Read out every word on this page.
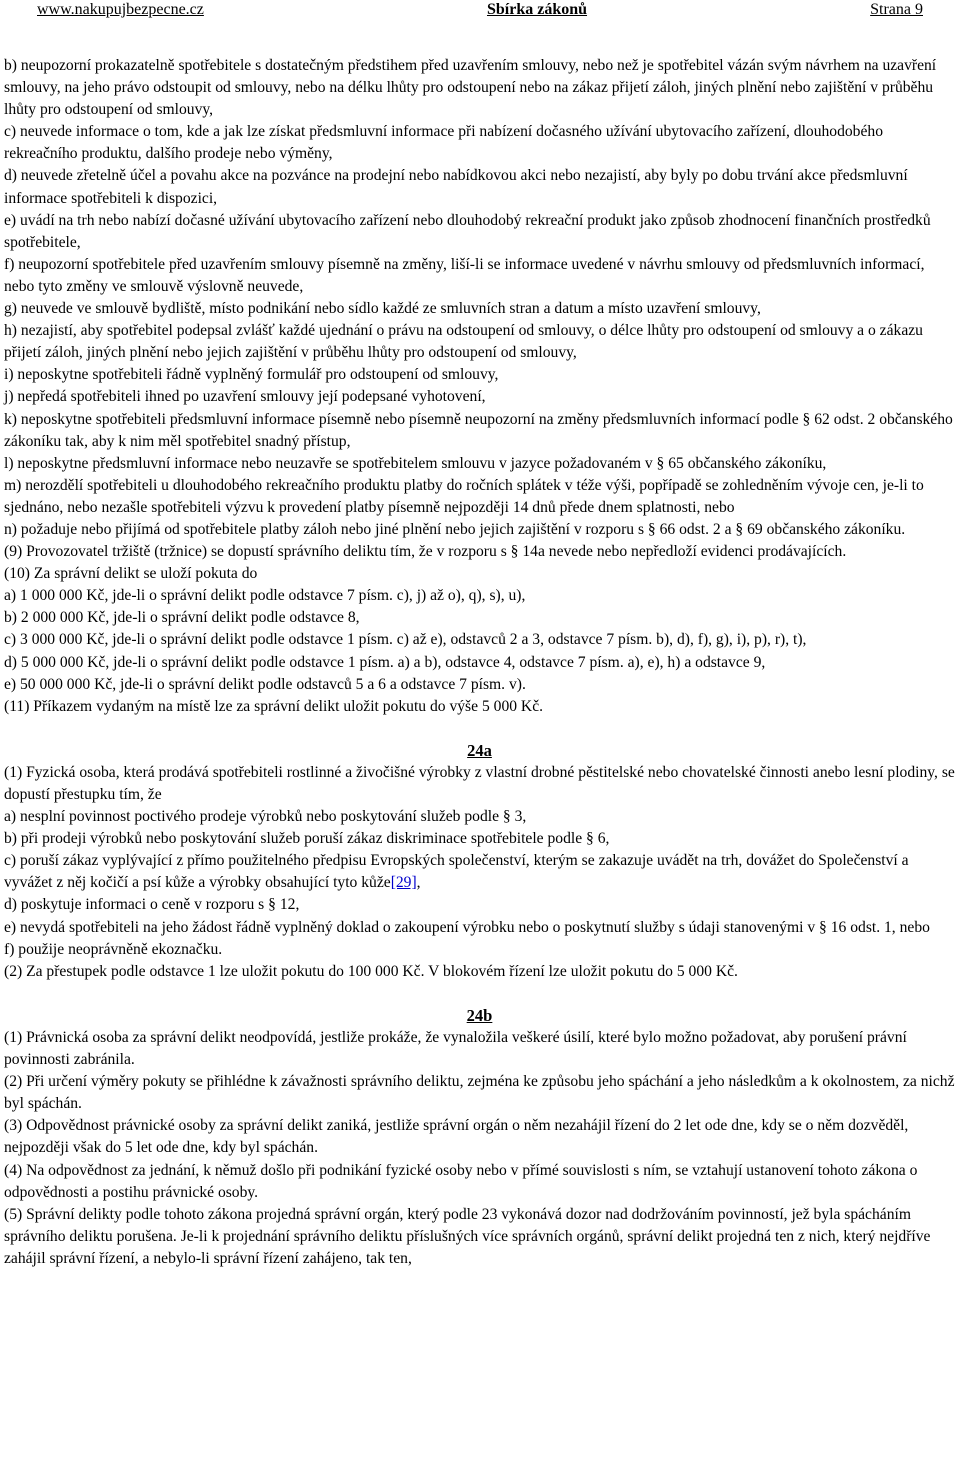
www.nakupujbezpecne.cz	Sbírka zákonů	Strana 9

b) neupozorní prokazatelně spotřebitele s dostatečným předstihem před uzavřením smlouvy, nebo než je spotřebitel vázán svým návrhem na uzavření smlouvy, na jeho právo odstoupit od smlouvy, nebo na délku lhůty pro odstoupení nebo na zákaz přijetí záloh, jiných plnění nebo zajištění v průběhu lhůty pro odstoupení od smlouvy,

c) neuvede informace o tom, kde a jak lze získat předsmluvní informace při nabízení dočasného užívání ubytovacího zařízení, dlouhodobého rekreačního produktu, dalšího prodeje nebo výměny,

d) neuvede zřetelně účel a povahu akce na pozvánce na prodejní nebo nabídkovou akci nebo nezajistí, aby byly po dobu trvání akce předsmluvní informace spotřebiteli k dispozici,

e) uvádí na trh nebo nabízí dočasné užívání ubytovacího zařízení nebo dlouhodobý rekreační produkt jako způsob zhodnocení finančních prostředků spotřebitele,

f) neupozorní spotřebitele před uzavřením smlouvy písemně na změny, liší-li se informace uvedené v návrhu smlouvy od předsmluvních informací, nebo tyto změny ve smlouvě výslovně neuvede,

g) neuvede ve smlouvě bydliště, místo podnikání nebo sídlo každé ze smluvních stran a datum a místo uzavření smlouvy,

h) nezajistí, aby spotřebitel podepsal zvlášť každé ujednání o právu na odstoupení od smlouvy, o délce lhůty pro odstoupení od smlouvy a o zákazu přijetí záloh, jiných plnění nebo jejich zajištění v průběhu lhůty pro odstoupení od smlouvy,

i) neposkytne spotřebiteli řádně vyplněný formulář pro odstoupení od smlouvy,

j) nepředá spotřebiteli ihned po uzavření smlouvy její podepsané vyhotovení,

k) neposkytne spotřebiteli předsmluvní informace písemně nebo písemně neupozorní na změny předsmluvních informací podle § 62 odst. 2 občanského zákoníku tak, aby k nim měl spotřebitel snadný přístup,

l) neposkytne předsmluvní informace nebo neuzavře se spotřebitelem smlouvu v jazyce požadovaném v § 65 občanského zákoníku,

m) nerozdělí spotřebiteli u dlouhodobého rekreačního produktu platby do ročních splátek v téže výši, popřípadě se zohledněním vývoje cen, je-li to sjednáno, nebo nezašle spotřebiteli výzvu k provedení platby písemně nejpozději 14 dnů přede dnem splatnosti, nebo

n) požaduje nebo přijímá od spotřebitele platby záloh nebo jiné plnění nebo jejich zajištění v rozporu s § 66 odst. 2 a § 69 občanského zákoníku.

(9) Provozovatel tržiště (tržnice) se dopustí správního deliktu tím, že v rozporu s § 14a nevede nebo nepředloží evidenci prodávajících.

(10) Za správní delikt se uloží pokuta do

a) 1 000 000 Kč, jde-li o správní delikt podle odstavce 7 písm. c), j) až o), q), s), u),

b) 2 000 000 Kč, jde-li o správní delikt podle odstavce 8,

c) 3 000 000 Kč, jde-li o správní delikt podle odstavce 1 písm. c) až e), odstavců 2 a 3, odstavce 7 písm. b), d), f), g), i), p), r), t),

d) 5 000 000 Kč, jde-li o správní delikt podle odstavce 1 písm. a) a b), odstavce 4, odstavce 7 písm. a), e), h) a odstavce 9,

e) 50 000 000 Kč, jde-li o správní delikt podle odstavců 5 a 6 a odstavce 7 písm. v).

(11) Příkazem vydaným na místě lze za správní delikt uložit pokutu do výše 5 000 Kč.

24a

(1) Fyzická osoba, která prodává spotřebiteli rostlinné a živočišné výrobky z vlastní drobné pěstitelské nebo chovatelské činnosti anebo lesní plodiny, se dopustí přestupku tím, že

a) nesplní povinnost poctivého prodeje výrobků nebo poskytování služeb podle § 3,

b) při prodeji výrobků nebo poskytování služeb poruší zákaz diskriminace spotřebitele podle § 6,

c) poruší zákaz vyplývající z přímo použitelného předpisu Evropských společenství, kterým se zakazuje uvádět na trh, dovážet do Společenství a vyvážet z něj kočičí a psí kůže a výrobky obsahující tyto kůže[29],

d) poskytuje informaci o ceně v rozporu s § 12,

e) nevydá spotřebiteli na jeho žádost řádně vyplněný doklad o zakoupení výrobku nebo o poskytnutí služby s údaji stanovenými v § 16 odst. 1, nebo

f) použije neoprávněně ekoznačku.

(2) Za přestupek podle odstavce 1 lze uložit pokutu do 100 000 Kč. V blokovém řízení lze uložit pokutu do 5 000 Kč.

24b

(1) Právnická osoba za správní delikt neodpovídá, jestliže prokáže, že vynaložila veškeré úsilí, které bylo možno požadovat, aby porušení právní povinnosti zabránila.

(2) Při určení výměry pokuty se přihlédne k závažnosti správního deliktu, zejména ke způsobu jeho spáchání a jeho následkům a k okolnostem, za nichž byl spáchán.

(3) Odpovědnost právnické osoby za správní delikt zaniká, jestliže správní orgán o něm nezahájil řízení do 2 let ode dne, kdy se o něm dozvěděl, nejpozději však do 5 let ode dne, kdy byl spáchán.

(4) Na odpovědnost za jednání, k němuž došlo při podnikání fyzické osoby nebo v přímé souvislosti s ním, se vztahují ustanovení tohoto zákona o odpovědnosti a postihu právnické osoby.

(5) Správní delikty podle tohoto zákona projedná správní orgán, který podle 23 vykonává dozor nad dodržováním povinností, jež byla spácháním správního deliktu porušena. Je-li k projednání správního deliktu příslušných více správních orgánů, správní delikt projedná ten z nich, který nejdříve zahájil správní řízení, a nebylo-li správní řízení zahájeno, tak ten,
